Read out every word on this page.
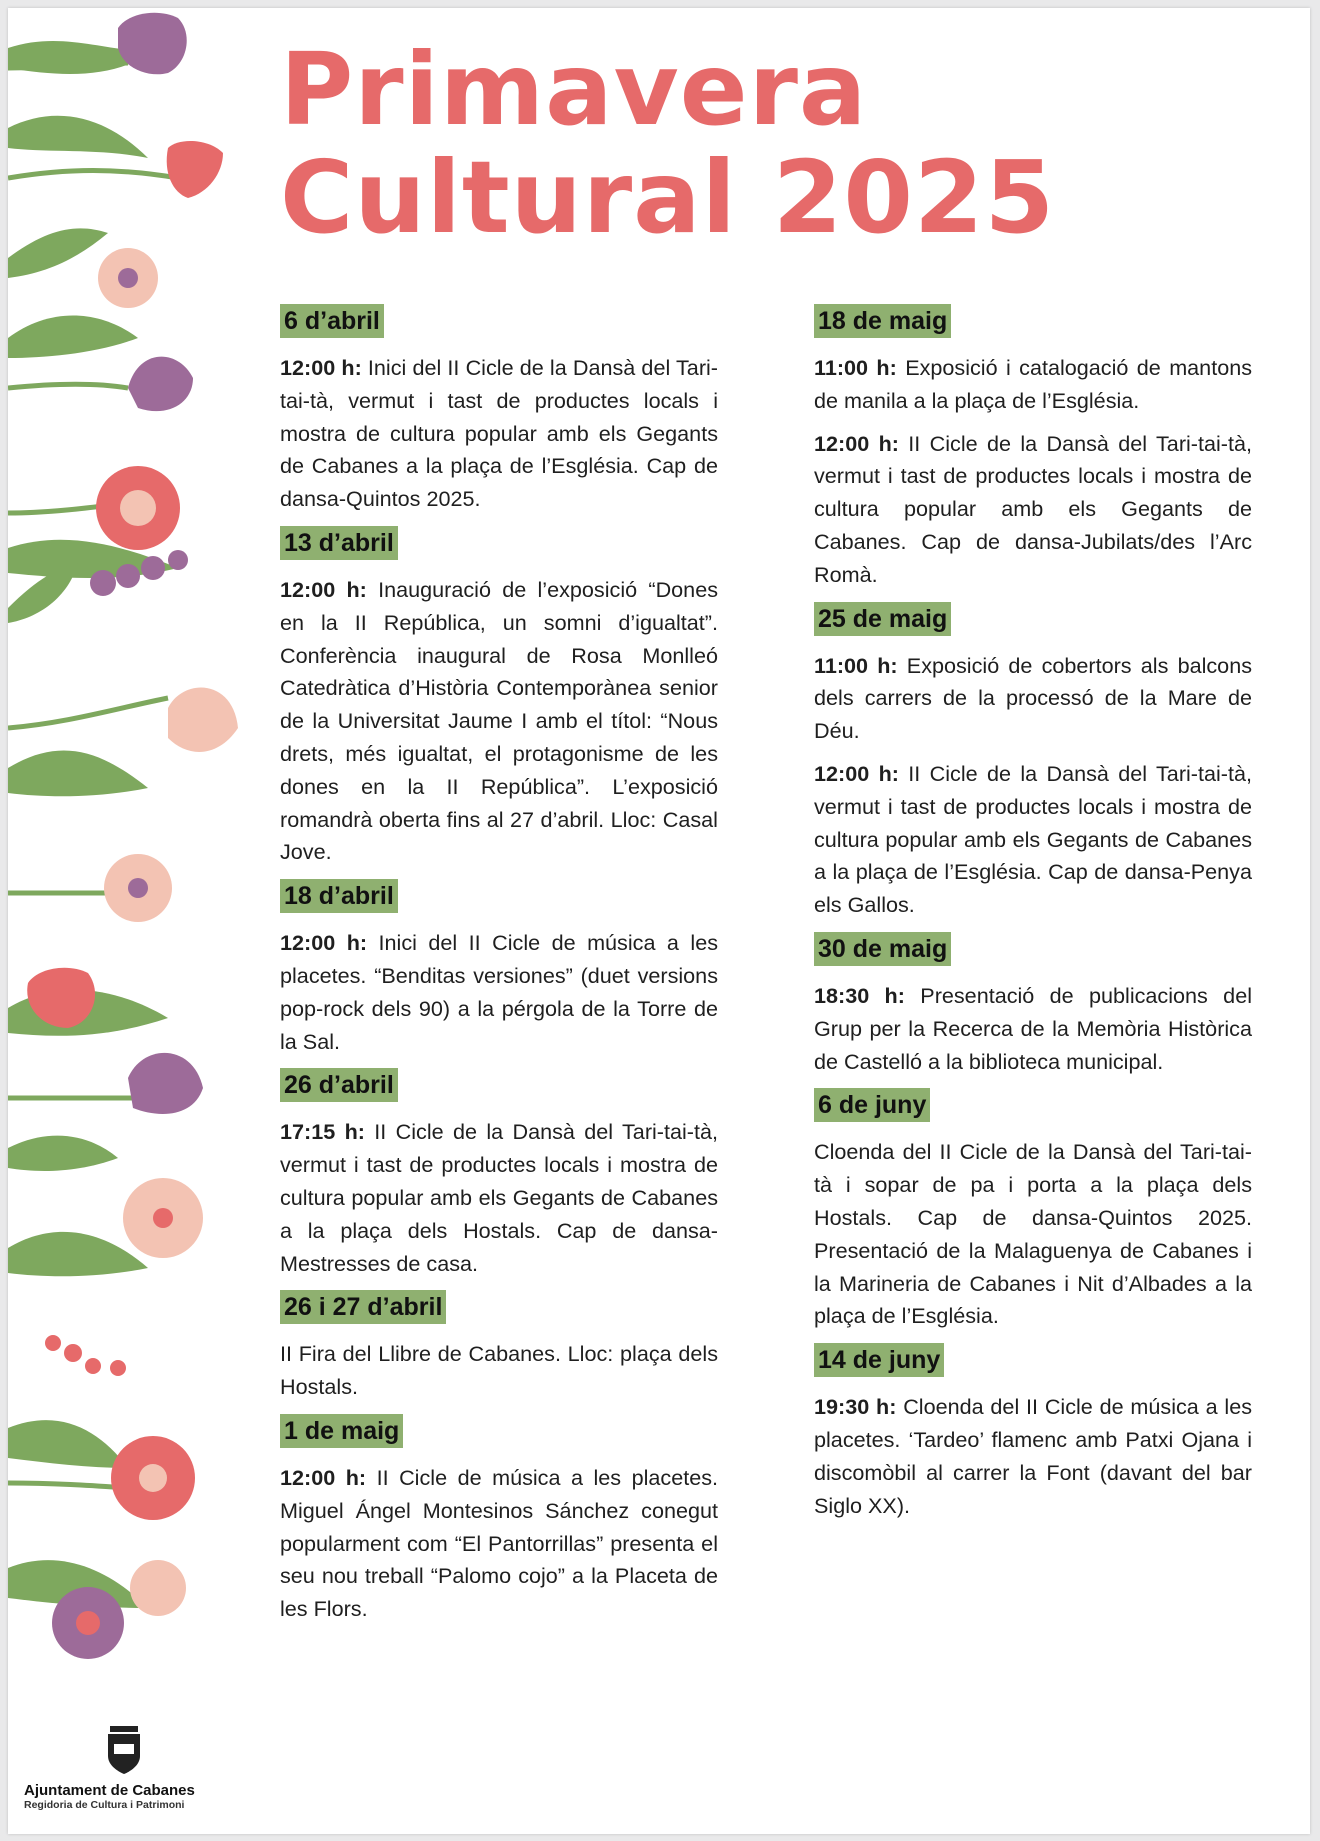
Primavera
Cultural 2025
6 d’abril

12:00 h: Inici del II Cicle de la Dansà del Tari-tai-tà, vermut i tast de productes locals i mostra de cultura popular amb els Gegants de Cabanes a la plaça de l’Església. Cap de dansa-Quintos 2025.

13 d’abril

12:00 h: Inauguració de l’exposició “Dones en la II República, un somni d’igualtat”. Conferència inaugural de Rosa Monlleó Catedràtica d’Història Contemporànea senior de la Universitat Jaume I amb el títol: “Nous drets, més igualtat, el protagonisme de les dones en la II República”. L’exposició romandrà oberta fins al 27 d’abril. Lloc: Casal Jove.

18 d’abril

12:00 h: Inici del II Cicle de música a les placetes. “Benditas versiones” (duet versions pop-rock dels 90) a la pérgola de la Torre de la Sal.

26 d’abril

17:15 h: II Cicle de la Dansà del Tari-tai-tà, vermut i tast de productes locals i mostra de cultura popular amb els Gegants de Cabanes a la plaça dels Hostals. Cap de dansa-Mestresses de casa.

26 i 27 d’abril

II Fira del Llibre de Cabanes. Lloc: plaça dels Hostals.

1 de maig

12:00 h: II Cicle de música a les placetes. Miguel Ángel Montesinos Sánchez conegut popularment com “El Pantorrillas” presenta el seu nou treball “Palomo cojo” a la Placeta de les Flors.

18 de maig

11:00 h: Exposició i catalogació de mantons de manila a la plaça de l’Església.

12:00 h: II Cicle de la Dansà del Tari-tai-tà, vermut i tast de productes locals i mostra de cultura popular amb els Gegants de Cabanes. Cap de dansa-Jubilats/des l’Arc Romà.

25 de maig

11:00 h: Exposició de cobertors als balcons dels carrers de la processó de la Mare de Déu.

12:00 h: II Cicle de la Dansà del Tari-tai-tà, vermut i tast de productes locals i mostra de cultura popular amb els Gegants de Cabanes a la plaça de l’Església. Cap de dansa-Penya els Gallos.

30 de maig

18:30 h: Presentació de publicacions del Grup per la Recerca de la Memòria Històrica de Castelló a la biblioteca municipal.

6 de juny

Cloenda del II Cicle de la Dansà del Tari-tai-tà i sopar de pa i porta a la plaça dels Hostals. Cap de dansa-Quintos 2025. Presentació de la Malaguenya de Cabanes i la Marineria de Cabanes i Nit d’Albades a la plaça de l’Església.

14 de juny

19:30 h: Cloenda del II Cicle de música a les placetes. ‘Tardeo’ flamenc amb Patxi Ojana i discomòbil al carrer la Font (davant del bar Siglo XX).

Ajuntament de Cabanes
Regidoria de Cultura i Patrimoni
